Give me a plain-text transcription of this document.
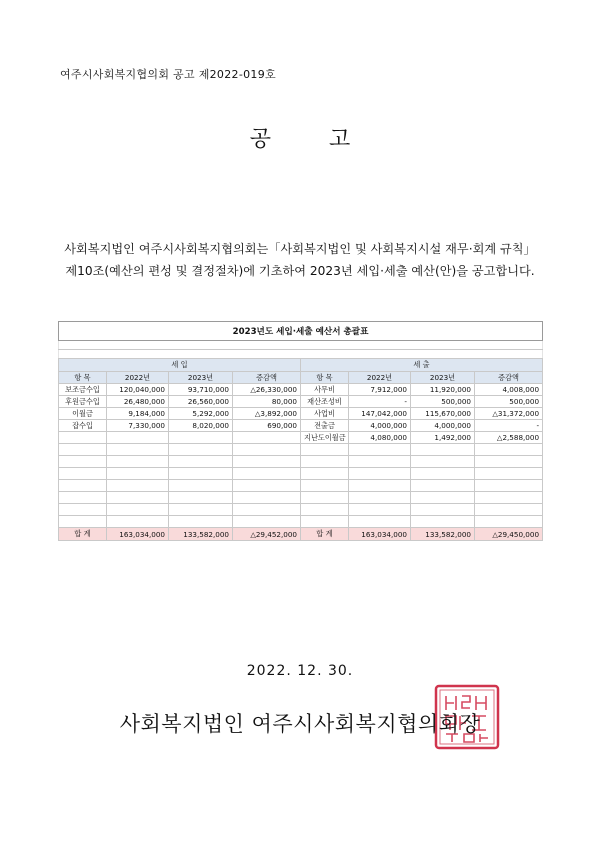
여주시사회복지협의회 공고 제2022-019호
공고
사회복지법인 여주시사회복지협의회는「사회복지법인 및 사회복지시설 재무·회계 규칙」
제10조(예산의 편성 및 결정절차)에 기초하여 2023년 세입·세출 예산(안)을 공고합니다.
2023년도 세입·세출 예산서 총괄표							

세 입				세 출			
항 목	2022년	2023년	증감액	항 목	2022년	2023년	증감액
보조금수입	120,040,000	93,710,000	△26,330,000	사무비	7,912,000	11,920,000	4,008,000
후원금수입	26,480,000	26,560,000	80,000	재산조성비	-	500,000	500,000
이월금	9,184,000	5,292,000	△3,892,000	사업비	147,042,000	115,670,000	△31,372,000
잡수입	7,330,000	8,020,000	690,000	전출금	4,000,000	4,000,000	-
				지난도이월금	4,080,000	1,492,000	△2,588,000

합 계	163,034,000	133,582,000	△29,452,000	합 계	163,034,000	133,582,000	△29,450,000
2022. 12. 30.
사회복지법인 여주시사회복지협의회장
